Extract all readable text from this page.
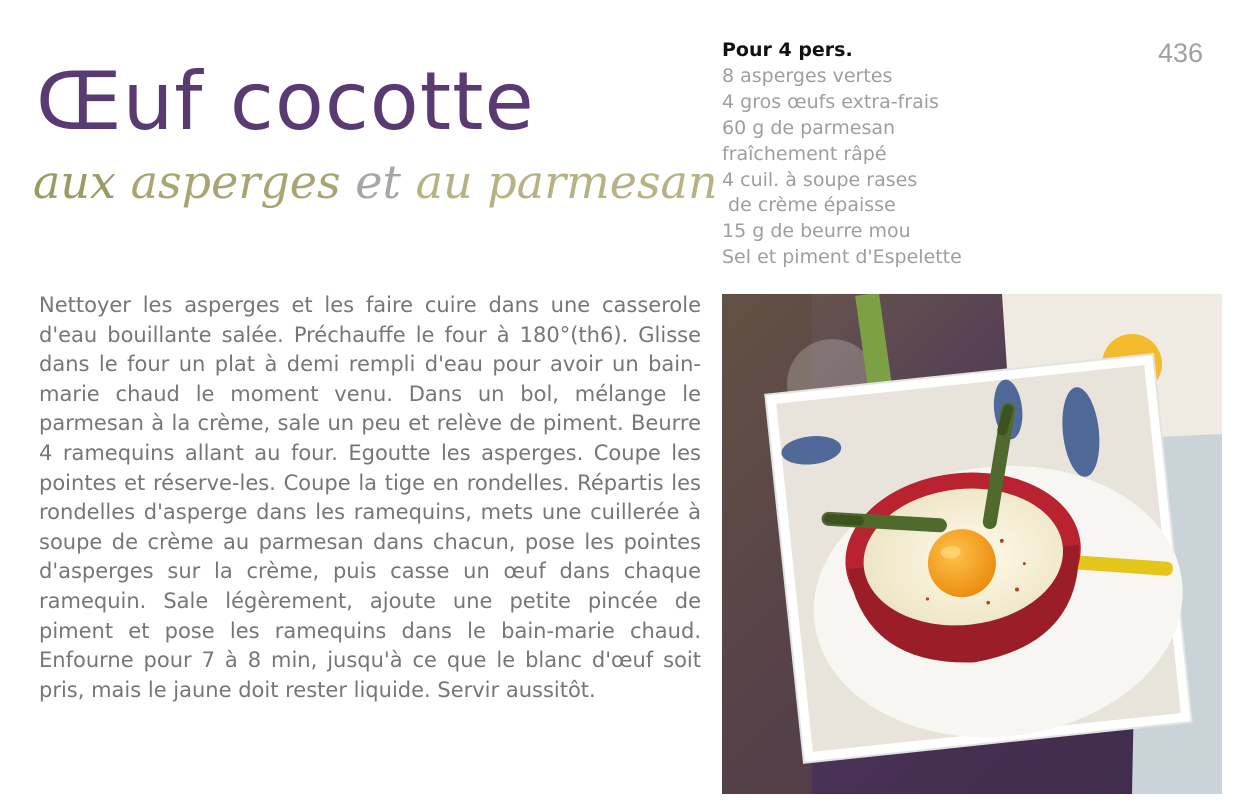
Œuf cocotte
aux asperges et au parmesan
Pour 4 pers.
8 asperges vertes
4 gros œufs extra-frais
60 g de parmesan
fraîchement râpé
4 cuil. à soupe rases
de crème épaisse
15 g de beurre mou
Sel et piment d'Espelette
436

Nettoyer les asperges et les faire cuire dans une casserole d'eau bouillante salée. Préchauffe le four à 180°(th6). Glisse dans le four un plat à demi rempli d'eau pour avoir un bain-marie chaud le moment venu. Dans un bol, mélange le parmesan à la crème, sale un peu et relève de piment. Beurre 4 ramequins allant au four. Egoutte les asperges. Coupe les pointes et réserve-les. Coupe la tige en rondelles. Répartis les rondelles d'asperge dans les ramequins, mets une cuillerée à soupe de crème au parmesan dans chacun, pose les pointes d'asperges sur la crème, puis casse un œuf dans chaque ramequin. Sale légèrement, ajoute une petite pincée de piment et pose les ramequins dans le bain-marie chaud. Enfourne pour 7 à 8 min, jusqu'à ce que le blanc d'œuf soit pris, mais le jaune doit rester liquide. Servir aussitôt.
